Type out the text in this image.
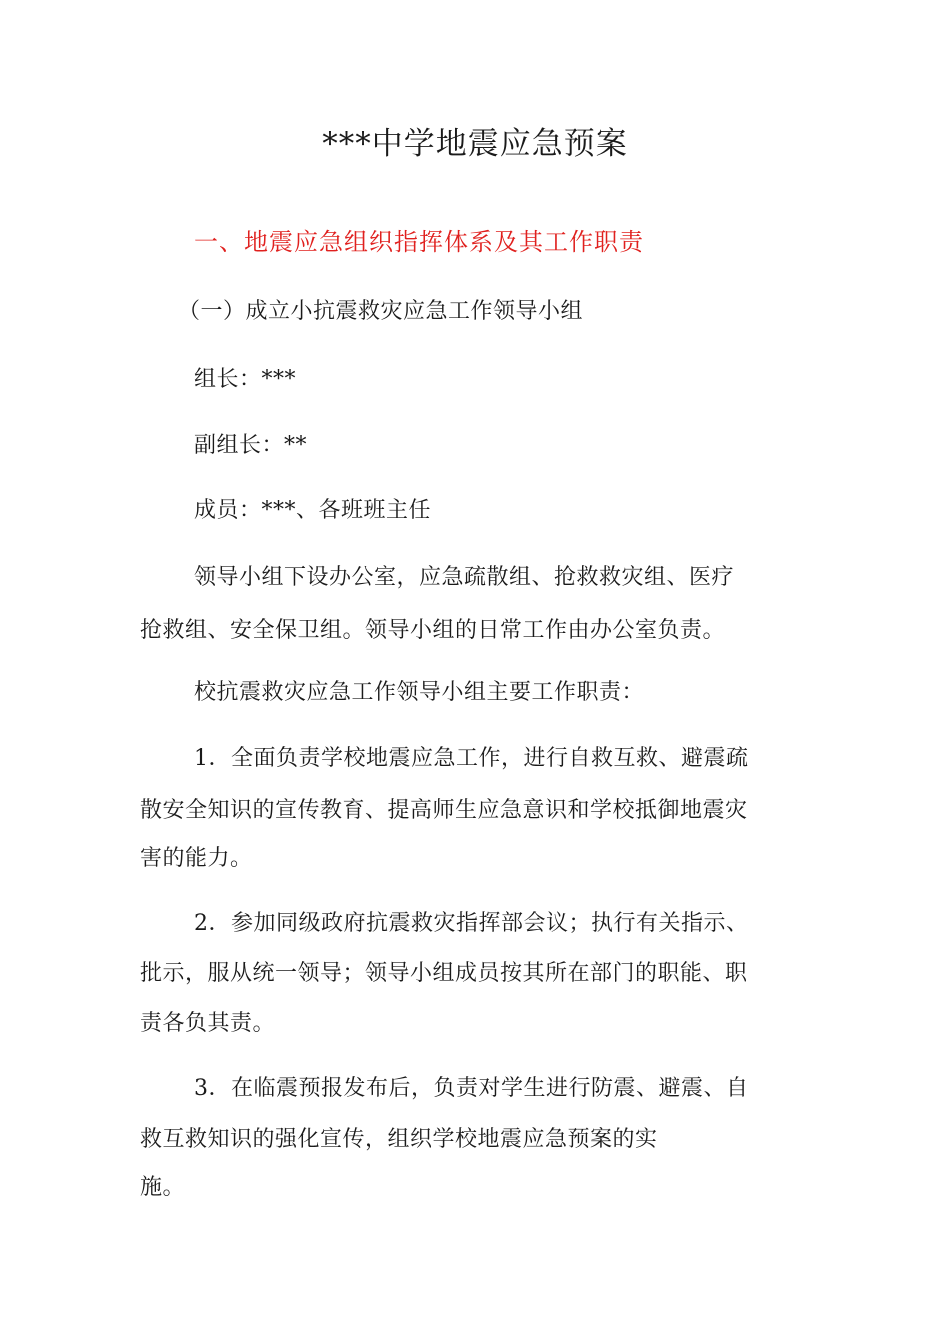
***中学地震应急预案
一、地震应急组织指挥体系及其工作职责
（一）成立小抗震救灾应急工作领导小组
组长：***
副组长：**
成员：***、各班班主任
领导小组下设办公室，应急疏散组、抢救救灾组、医疗
抢救组、安全保卫组。领导小组的日常工作由办公室负责。
校抗震救灾应急工作领导小组主要工作职责：
1．全面负责学校地震应急工作，进行自救互救、避震疏
散安全知识的宣传教育、提高师生应急意识和学校抵御地震灾
害的能力。
2．参加同级政府抗震救灾指挥部会议；执行有关指示、
批示，服从统一领导；领导小组成员按其所在部门的职能、职
责各负其责。
3．在临震预报发布后，负责对学生进行防震、避震、自
救互救知识的强化宣传，组织学校地震应急预案的实
施。
